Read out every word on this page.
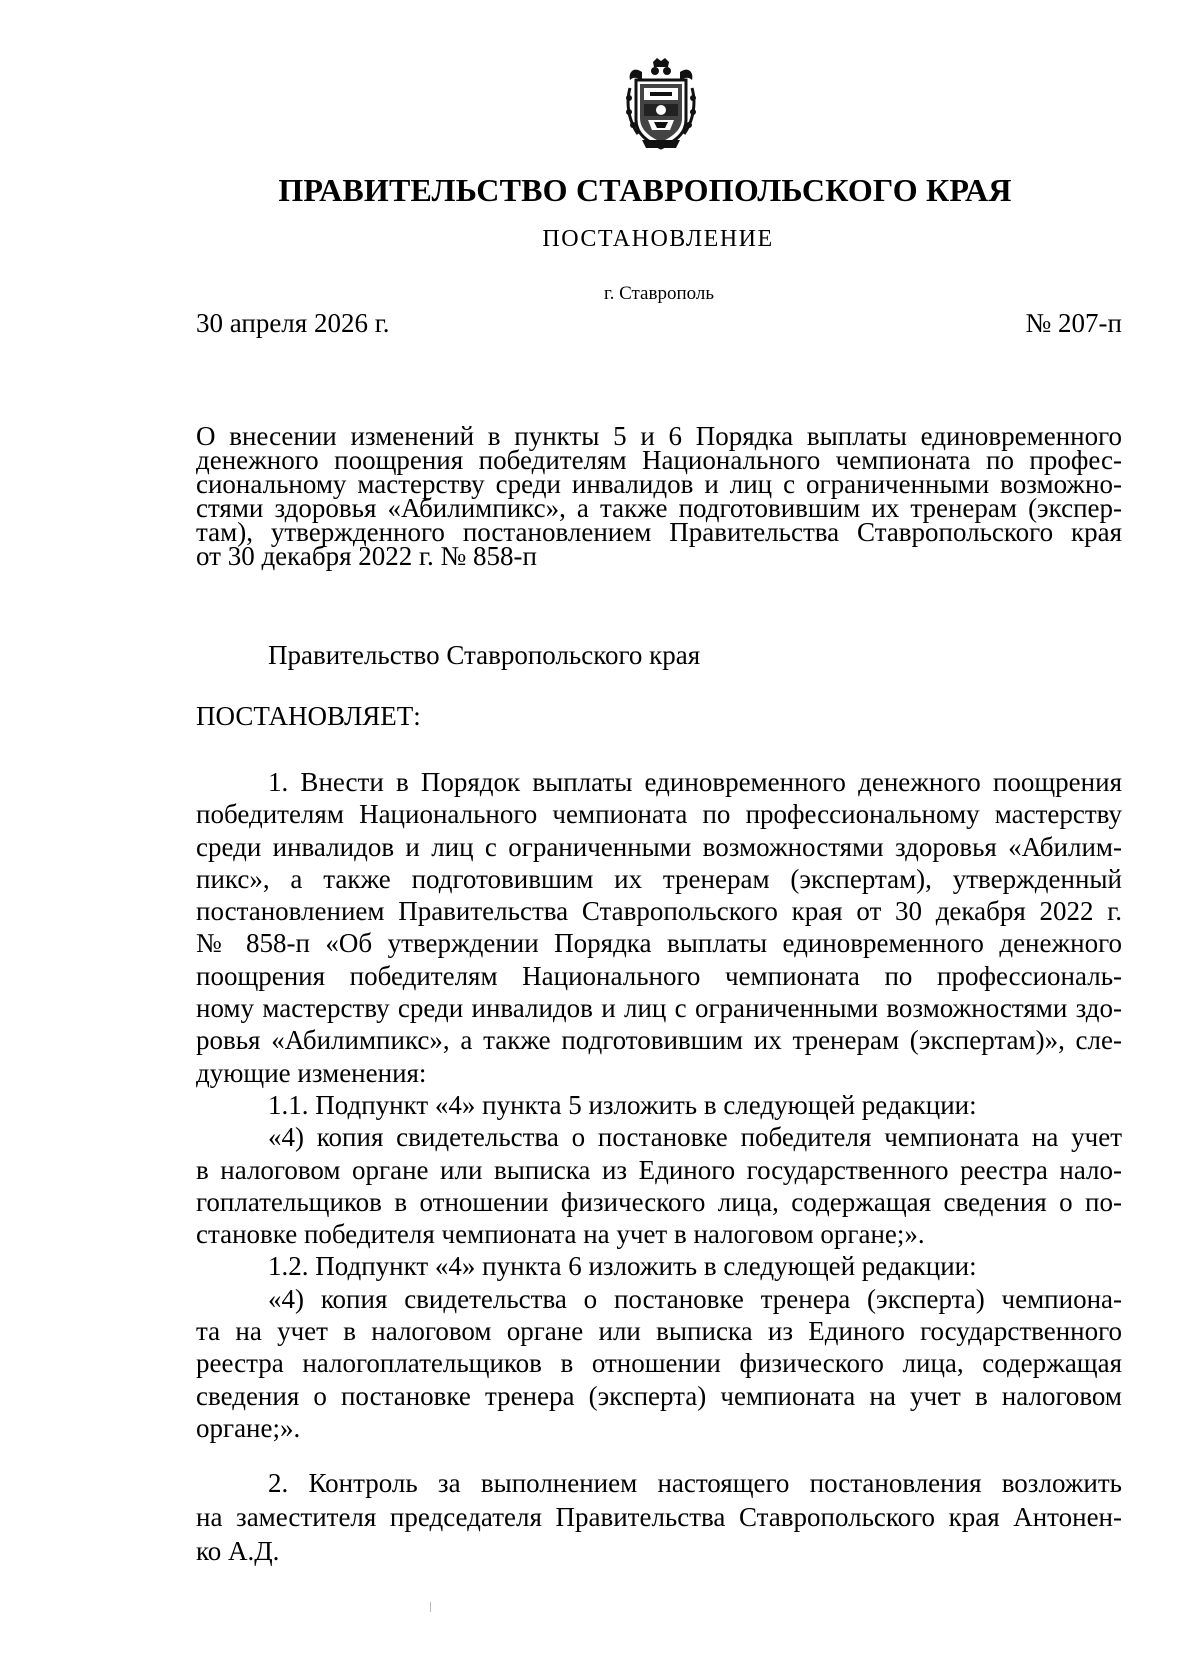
ПРАВИТЕЛЬСТВО СТАВРОПОЛЬСКОГО КРАЯ
ПОСТАНОВЛЕНИЕ
г. Ставрополь
30 апреля 2026 г.	№ 207-п
О внесении изменений в пункты 5 и 6 Порядка выплаты единовременного
денежного поощрения победителям Национального чемпионата по профес-
сиональному мастерству среди инвалидов и лиц с ограниченными возможно-
стями здоровья «Абилимпикс», а также подготовившим их тренерам (экспер-
там), утвержденного постановлением Правительства Ставропольского края
от 30 декабря 2022 г. № 858-п
Правительство Ставропольского края
ПОСТАНОВЛЯЕТ:
1. Внести в Порядок выплаты единовременного денежного поощрения
победителям Национального чемпионата по профессиональному мастерству
среди инвалидов и лиц с ограниченными возможностями здоровья «Абилим-
пикс», а также подготовившим их тренерам (экспертам), утвержденный
постановлением Правительства Ставропольского края от 30 декабря 2022 г.
№ 858-п «Об утверждении Порядка выплаты единовременного денежного
поощрения победителям Национального чемпионата по профессиональ-
ному мастерству среди инвалидов и лиц с ограниченными возможностями здо-
ровья «Абилимпикс», а также подготовившим их тренерам (экспертам)», сле-
дующие изменения:
1.1. Подпункт «4» пункта 5 изложить в следующей редакции:
«4) копия свидетельства о постановке победителя чемпионата на учет
в налоговом органе или выписка из Единого государственного реестра нало-
гоплательщиков в отношении физического лица, содержащая сведения о по-
становке победителя чемпионата на учет в налоговом органе;».
1.2. Подпункт «4» пункта 6 изложить в следующей редакции:
«4) копия свидетельства о постановке тренера (эксперта) чемпиона-
та на учет в налоговом органе или выписка из Единого государственного
реестра налогоплательщиков в отношении физического лица, содержащая
сведения о постановке тренера (эксперта) чемпионата на учет в налоговом
органе;».
2. Контроль за выполнением настоящего постановления возложить
на заместителя председателя Правительства Ставропольского края Антонен-
ко А.Д.
